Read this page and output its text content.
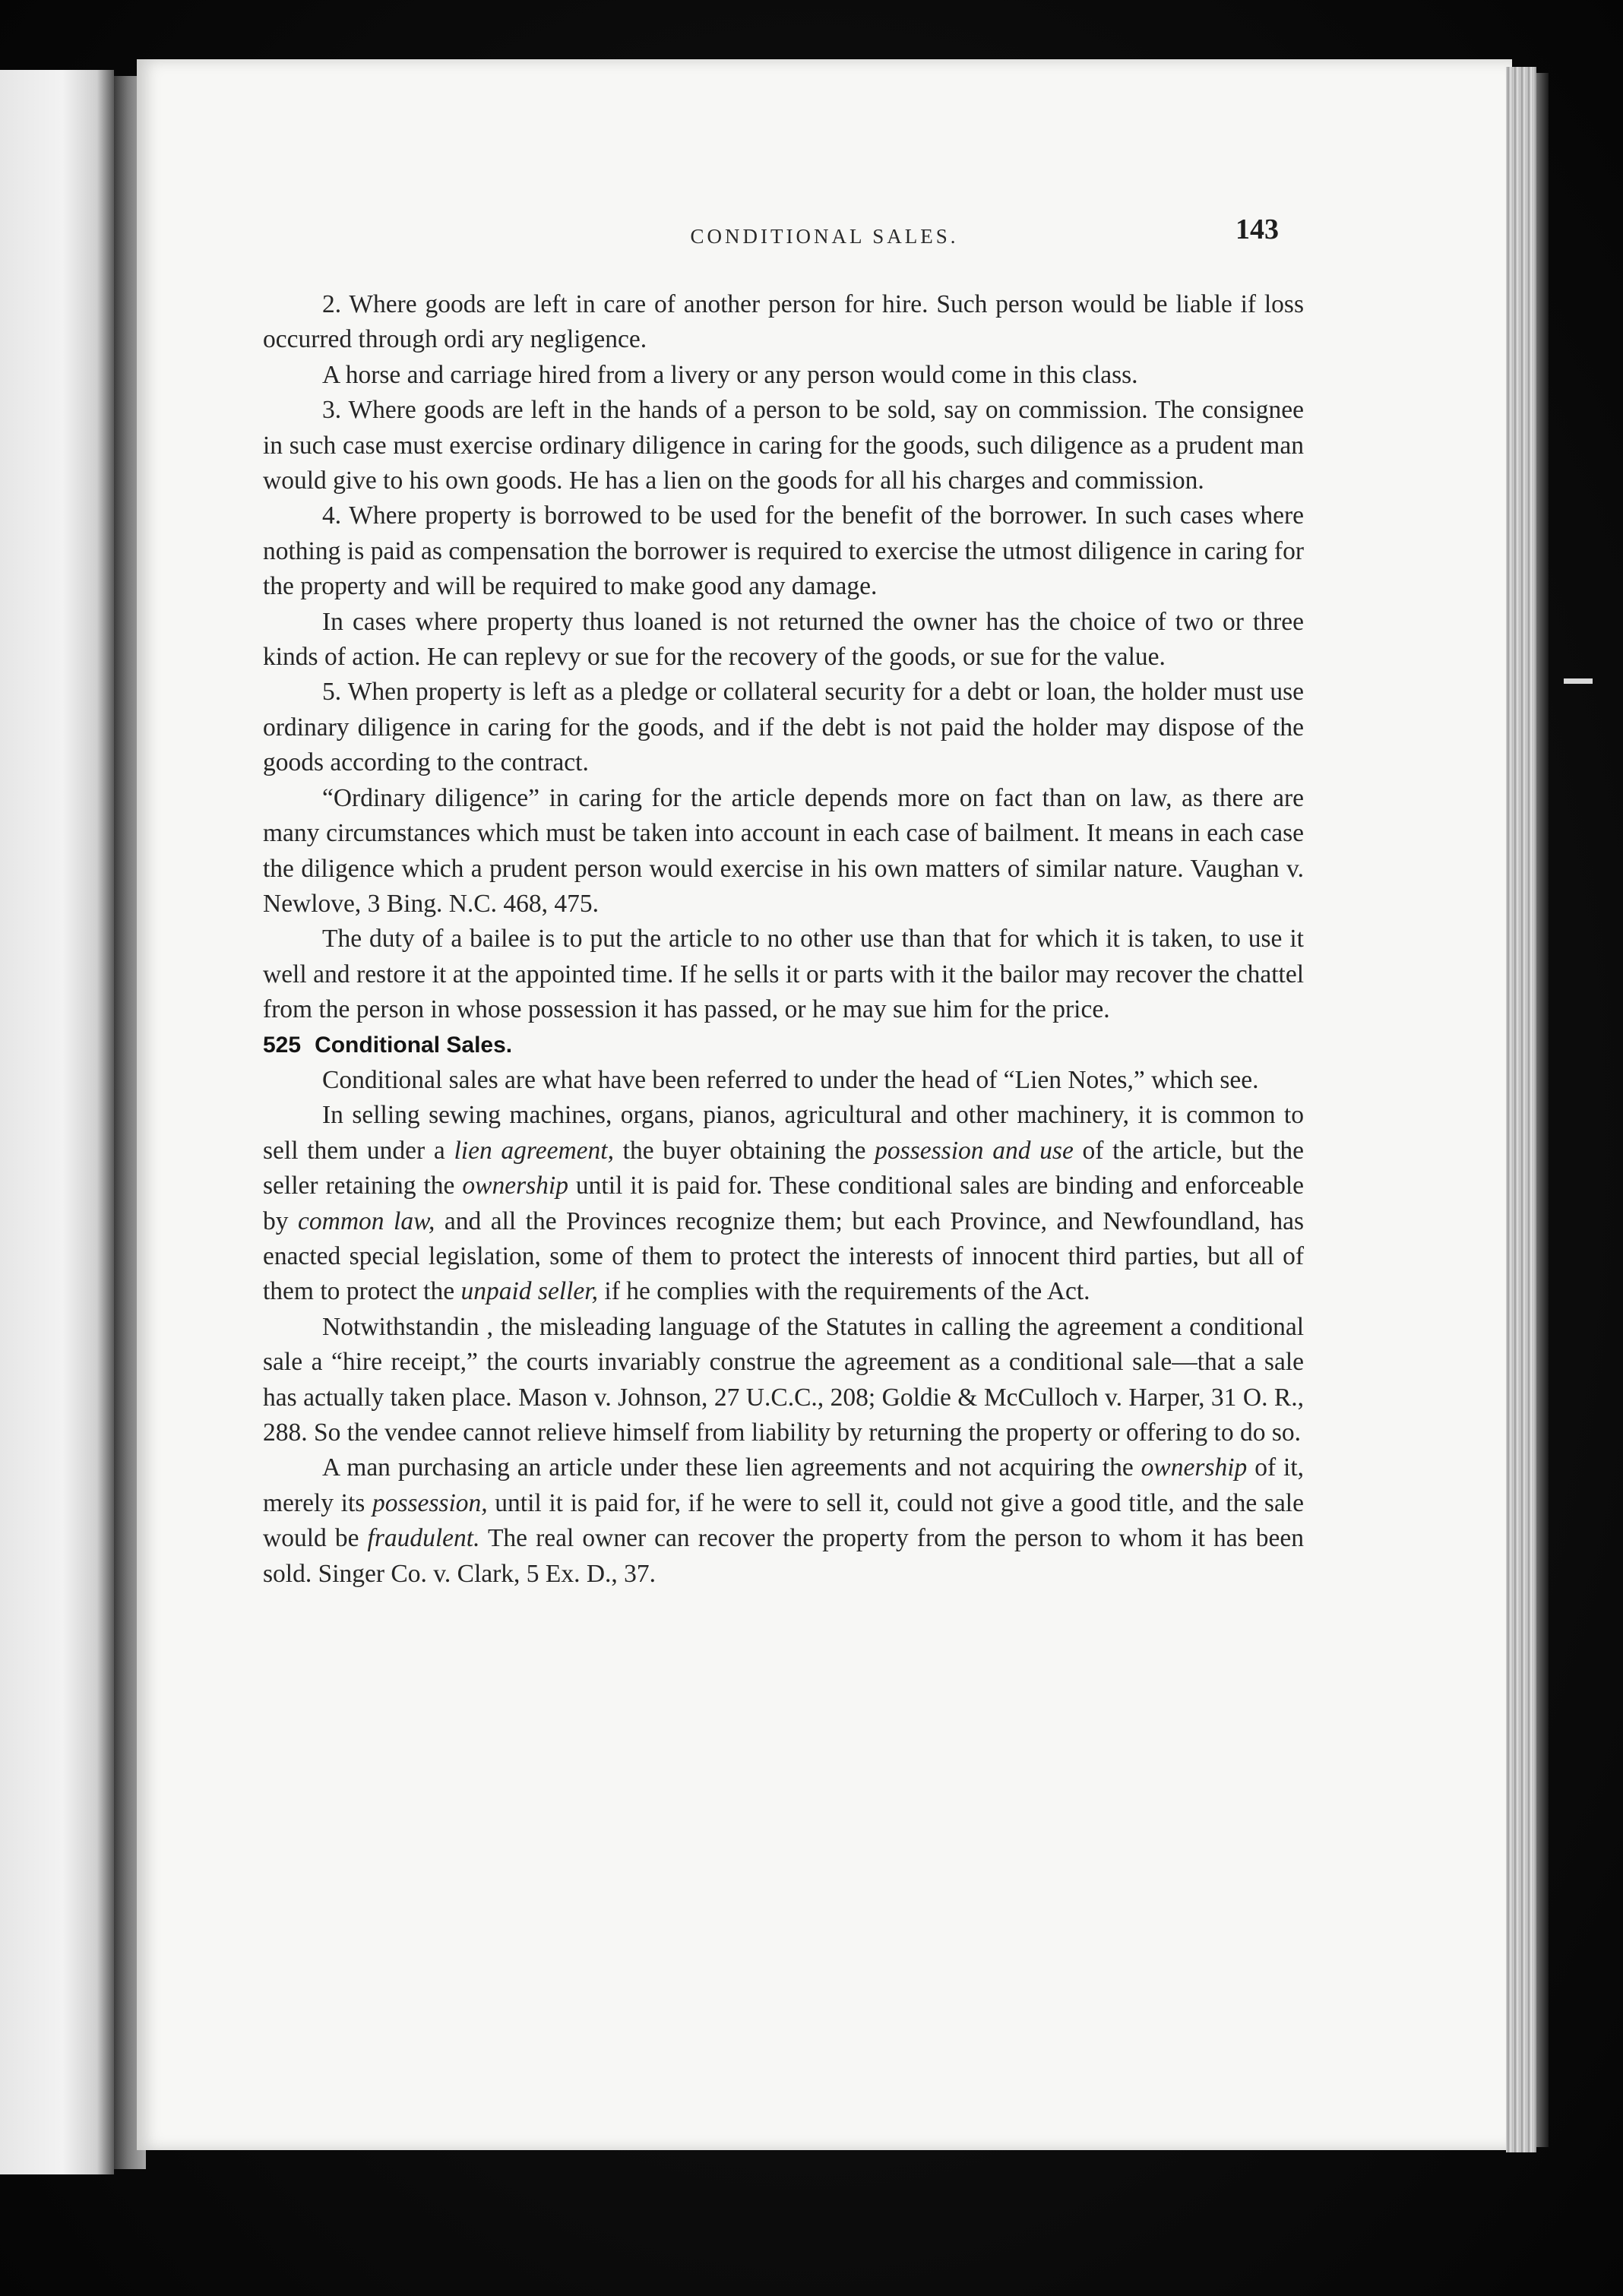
CONDITIONAL SALES.	143

2. Where goods are left in care of another person for hire. Such person would be liable if loss occurred through ordi ary negligence.

A horse and carriage hired from a livery or any person would come in this class.

3. Where goods are left in the hands of a person to be sold, say on commission. The consignee in such case must exercise ordinary diligence in caring for the goods, such diligence as a prudent man would give to his own goods. He has a lien on the goods for all his charges and commission.

4. Where property is borrowed to be used for the benefit of the borrower. In such cases where nothing is paid as compensation the borrower is required to exercise the utmost diligence in caring for the property and will be required to make good any damage.

In cases where property thus loaned is not returned the owner has the choice of two or three kinds of action. He can replevy or sue for the recovery of the goods, or sue for the value.

5. When property is left as a pledge or collateral security for a debt or loan, the holder must use ordinary diligence in caring for the goods, and if the debt is not paid the holder may dispose of the goods according to the contract.

“Ordinary diligence” in caring for the article depends more on fact than on law, as there are many circumstances which must be taken into account in each case of bailment. It means in each case the diligence which a prudent person would exercise in his own matters of similar nature. Vaughan v. Newlove, 3 Bing. N.C. 468, 475.

The duty of a bailee is to put the article to no other use than that for which it is taken, to use it well and restore it at the appointed time. If he sells it or parts with it the bailor may recover the chattel from the person in whose possession it has passed, or he may sue him for the price.

525 Conditional Sales.

Conditional sales are what have been referred to under the head of “Lien Notes,” which see.

In selling sewing machines, organs, pianos, agricultural and other machinery, it is common to sell them under a lien agreement, the buyer obtaining the possession and use of the article, but the seller retaining the ownership until it is paid for. These conditional sales are binding and enforceable by common law, and all the Provinces recognize them; but each Province, and Newfoundland, has enacted special legislation, some of them to protect the interests of innocent third parties, but all of them to protect the unpaid seller, if he complies with the requirements of the Act.

Notwithstandin , the misleading language of the Statutes in calling the agreement a conditional sale a “hire receipt,” the courts invariably construe the agreement as a conditional sale—that a sale has actually taken place. Mason v. Johnson, 27 U.C.C., 208; Goldie & McCulloch v. Harper, 31 O. R., 288. So the vendee cannot relieve himself from liability by returning the property or offering to do so.

A man purchasing an article under these lien agreements and not acquiring the ownership of it, merely its possession, until it is paid for, if he were to sell it, could not give a good title, and the sale would be fraudulent. The real owner can recover the property from the person to whom it has been sold. Singer Co. v. Clark, 5 Ex. D., 37.
